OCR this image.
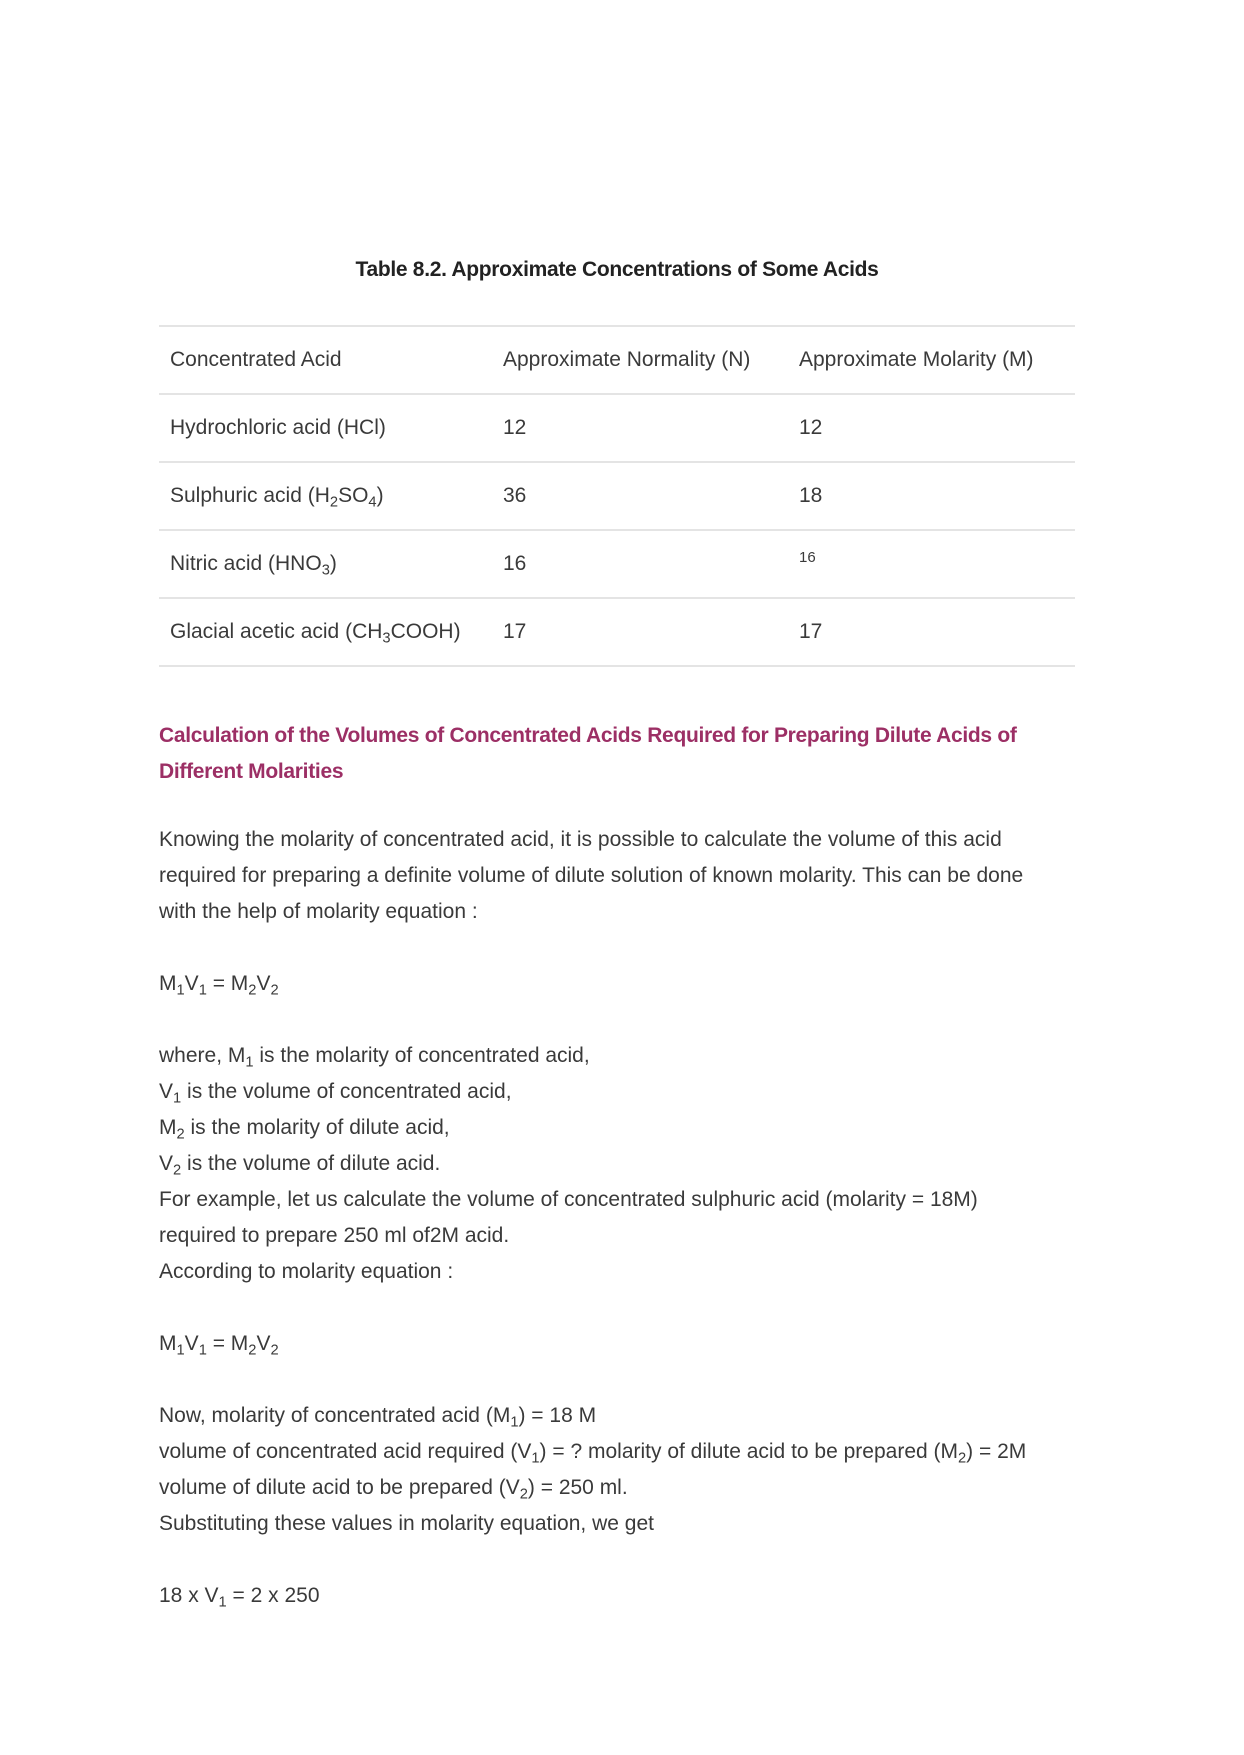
Table 8.2. Approximate Concentrations of Some Acids
Concentrated Acid	Approximate Normality (N)	Approximate Molarity (M)
Hydrochloric acid (HCl)	12	12
Sulphuric acid $(H_2SO_4)$	36	18
Nitric acid $(HNO_3)$	16	$^{16}$
Glacial acetic acid $(CH_3COOH)$	17	17
Calculation of the Volumes of Concentrated Acids Required for Preparing Dilute Acids of Different Molarities

Knowing the molarity of concentrated acid, it is possible to calculate the volume of this acid

required for preparing a definite volume of dilute solution of known molarity. This can be done

with the help of molarity equation :

$M_1V_1 = M_2V_2$

where, $M_1$ is the molarity of concentrated acid,

$V_1$ is the volume of concentrated acid,

$M_2$ is the molarity of dilute acid,

$V_2$ is the volume of dilute acid.

For example, let us calculate the volume of concentrated sulphuric acid (molarity = 18M)

required to prepare 250 ml of2M acid.

According to molarity equation :

$M_1V_1 = M_2V_2$

Now, molarity of concentrated acid $(M_1) = 18$ M

volume of concentrated acid required $(V_1)$ = ? molarity of dilute acid to be prepared $(M_2) = 2M$

volume of dilute acid to be prepared $(V_2) = 250$ ml.

Substituting these values in molarity equation, we get

18 x $V_1 = 2$ x 250
